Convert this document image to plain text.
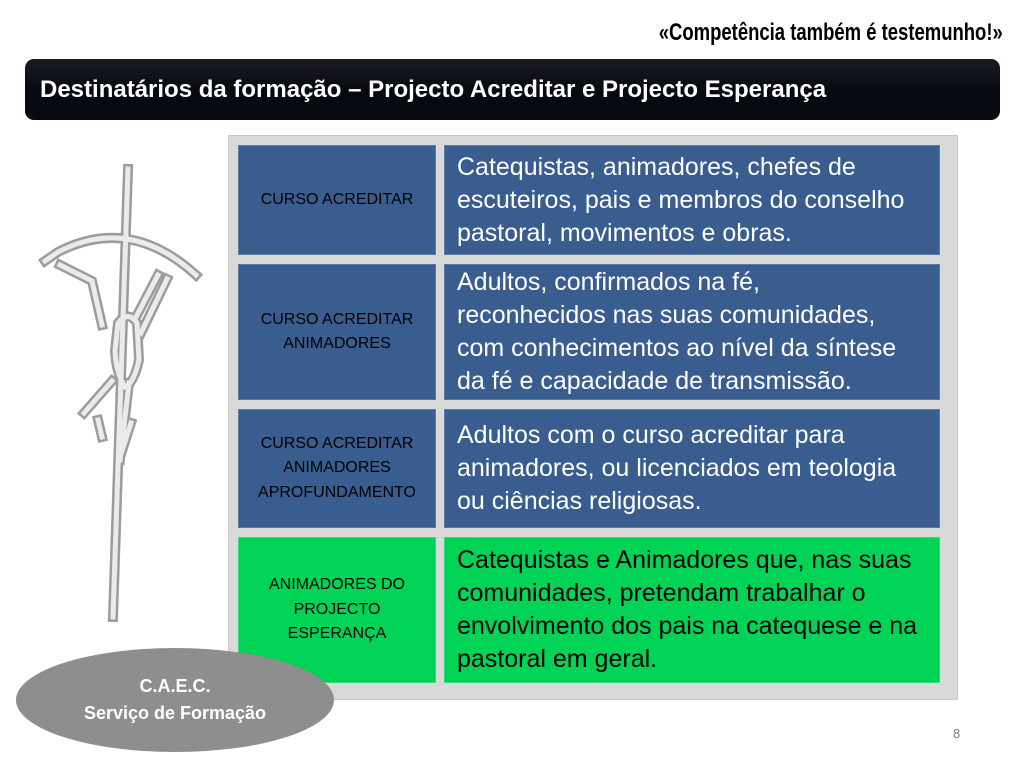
«Competência também é testemunho!»
Destinatários da formação – Projecto Acreditar e Projecto Esperança
CURSO ACREDITAR
Catequistas, animadores, chefes de
escuteiros, pais e membros do conselho
pastoral, movimentos e obras.
CURSO ACREDITAR
ANIMADORES
Adultos, confirmados na fé,
reconhecidos nas suas comunidades,
com conhecimentos ao nível da síntese
da fé e capacidade de transmissão.
CURSO ACREDITAR
ANIMADORES
APROFUNDAMENTO
Adultos com o curso acreditar para
animadores, ou licenciados em teologia
ou ciências religiosas.
ANIMADORES DO
PROJECTO
ESPERANÇA
Catequistas e Animadores que, nas suas
comunidades, pretendam trabalhar o
envolvimento dos pais na catequese e na
pastoral em geral.
C.A.E.C.
Serviço de Formação
8
